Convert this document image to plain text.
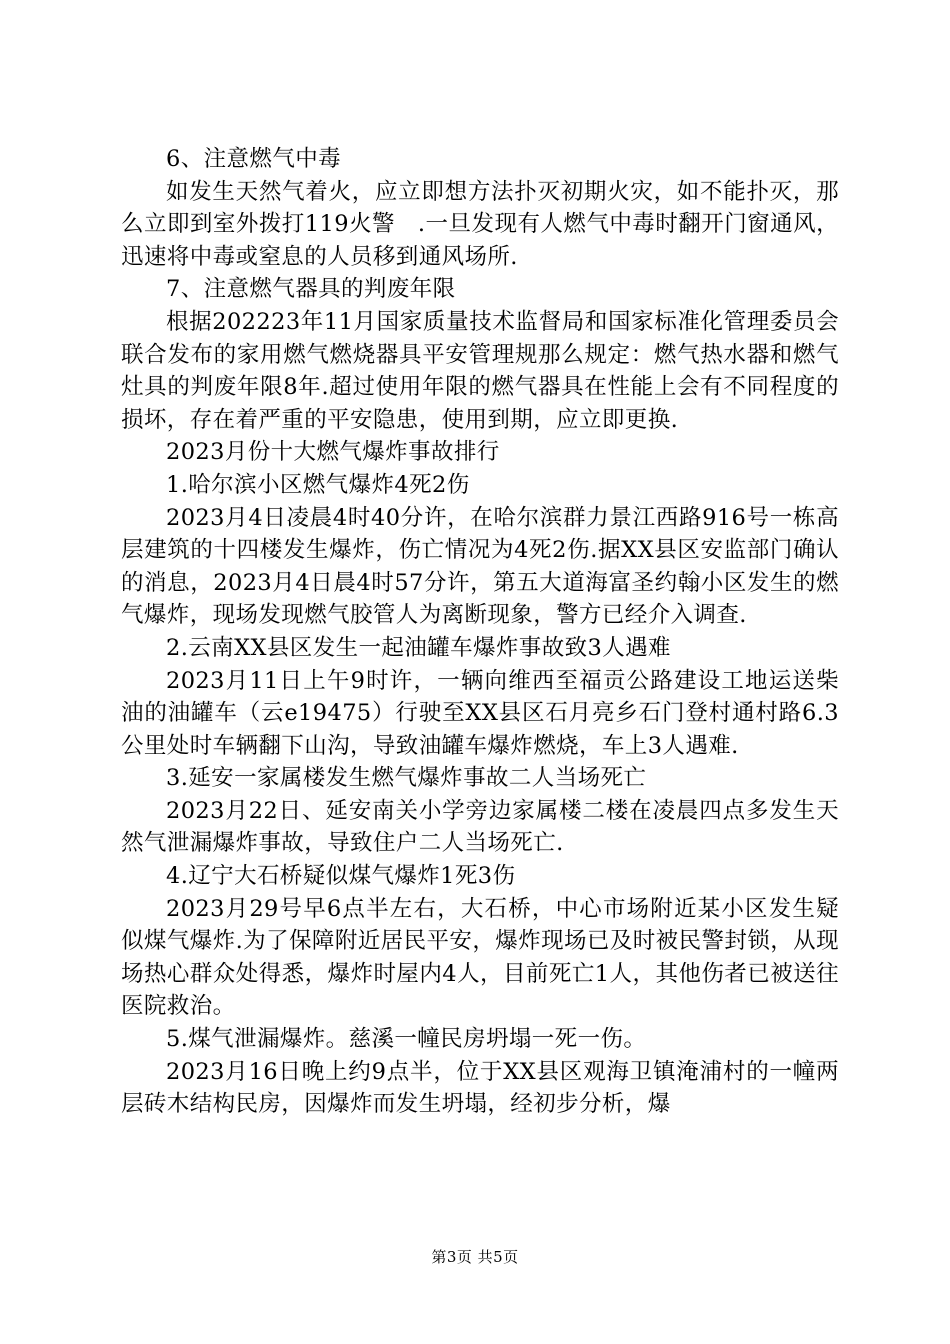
6、注意燃气中毒

如发生天然气着火，应立即想方法扑灭初期火灾，如不能扑灭，那么立即到室外拨打119火警　.一旦发现有人燃气中毒时翻开门窗通风，迅速将中毒或窒息的人员移到通风场所.

7、注意燃气器具的判废年限

根据202223年11月国家质量技术监督局和国家标准化管理委员会联合发布的家用燃气燃烧器具平安管理规那么规定：燃气热水器和燃气灶具的判废年限8年.超过使用年限的燃气器具在性能上会有不同程度的损坏，存在着严重的平安隐患，使用到期，应立即更换.

2023月份十大燃气爆炸事故排行

1.哈尔滨小区燃气爆炸4死2伤

2023月4日凌晨4时40分许，在哈尔滨群力景江西路916号一栋高层建筑的十四楼发生爆炸，伤亡情况为4死2伤.据XX县区安监部门确认的消息，2023月4日晨4时57分许，第五大道海富圣约翰小区发生的燃气爆炸，现场发现燃气胶管人为离断现象，警方已经介入调查.

2.云南XX县区发生一起油罐车爆炸事故致3人遇难

2023月11日上午9时许，一辆向维西至福贡公路建设工地运送柴油的油罐车（云e19475）行驶至XX县区石月亮乡石门登村通村路6.3公里处时车辆翻下山沟，导致油罐车爆炸燃烧，车上3人遇难.

3.延安一家属楼发生燃气爆炸事故二人当场死亡

2023月22日、延安南关小学旁边家属楼二楼在凌晨四点多发生天然气泄漏爆炸事故，导致住户二人当场死亡.

4.辽宁大石桥疑似煤气爆炸1死3伤

2023月29号早6点半左右，大石桥，中心市场附近某小区发生疑似煤气爆炸.为了保障附近居民平安，爆炸现场已及时被民警封锁，从现场热心群众处得悉，爆炸时屋内4人，目前死亡1人，其他伤者已被送往医院救治。

5.煤气泄漏爆炸。慈溪一幢民房坍塌一死一伤。

2023月16日晚上约9点半，位于XX县区观海卫镇淹浦村的一幢两层砖木结构民房，因爆炸而发生坍塌，经初步分析，爆

第3页 共5页
